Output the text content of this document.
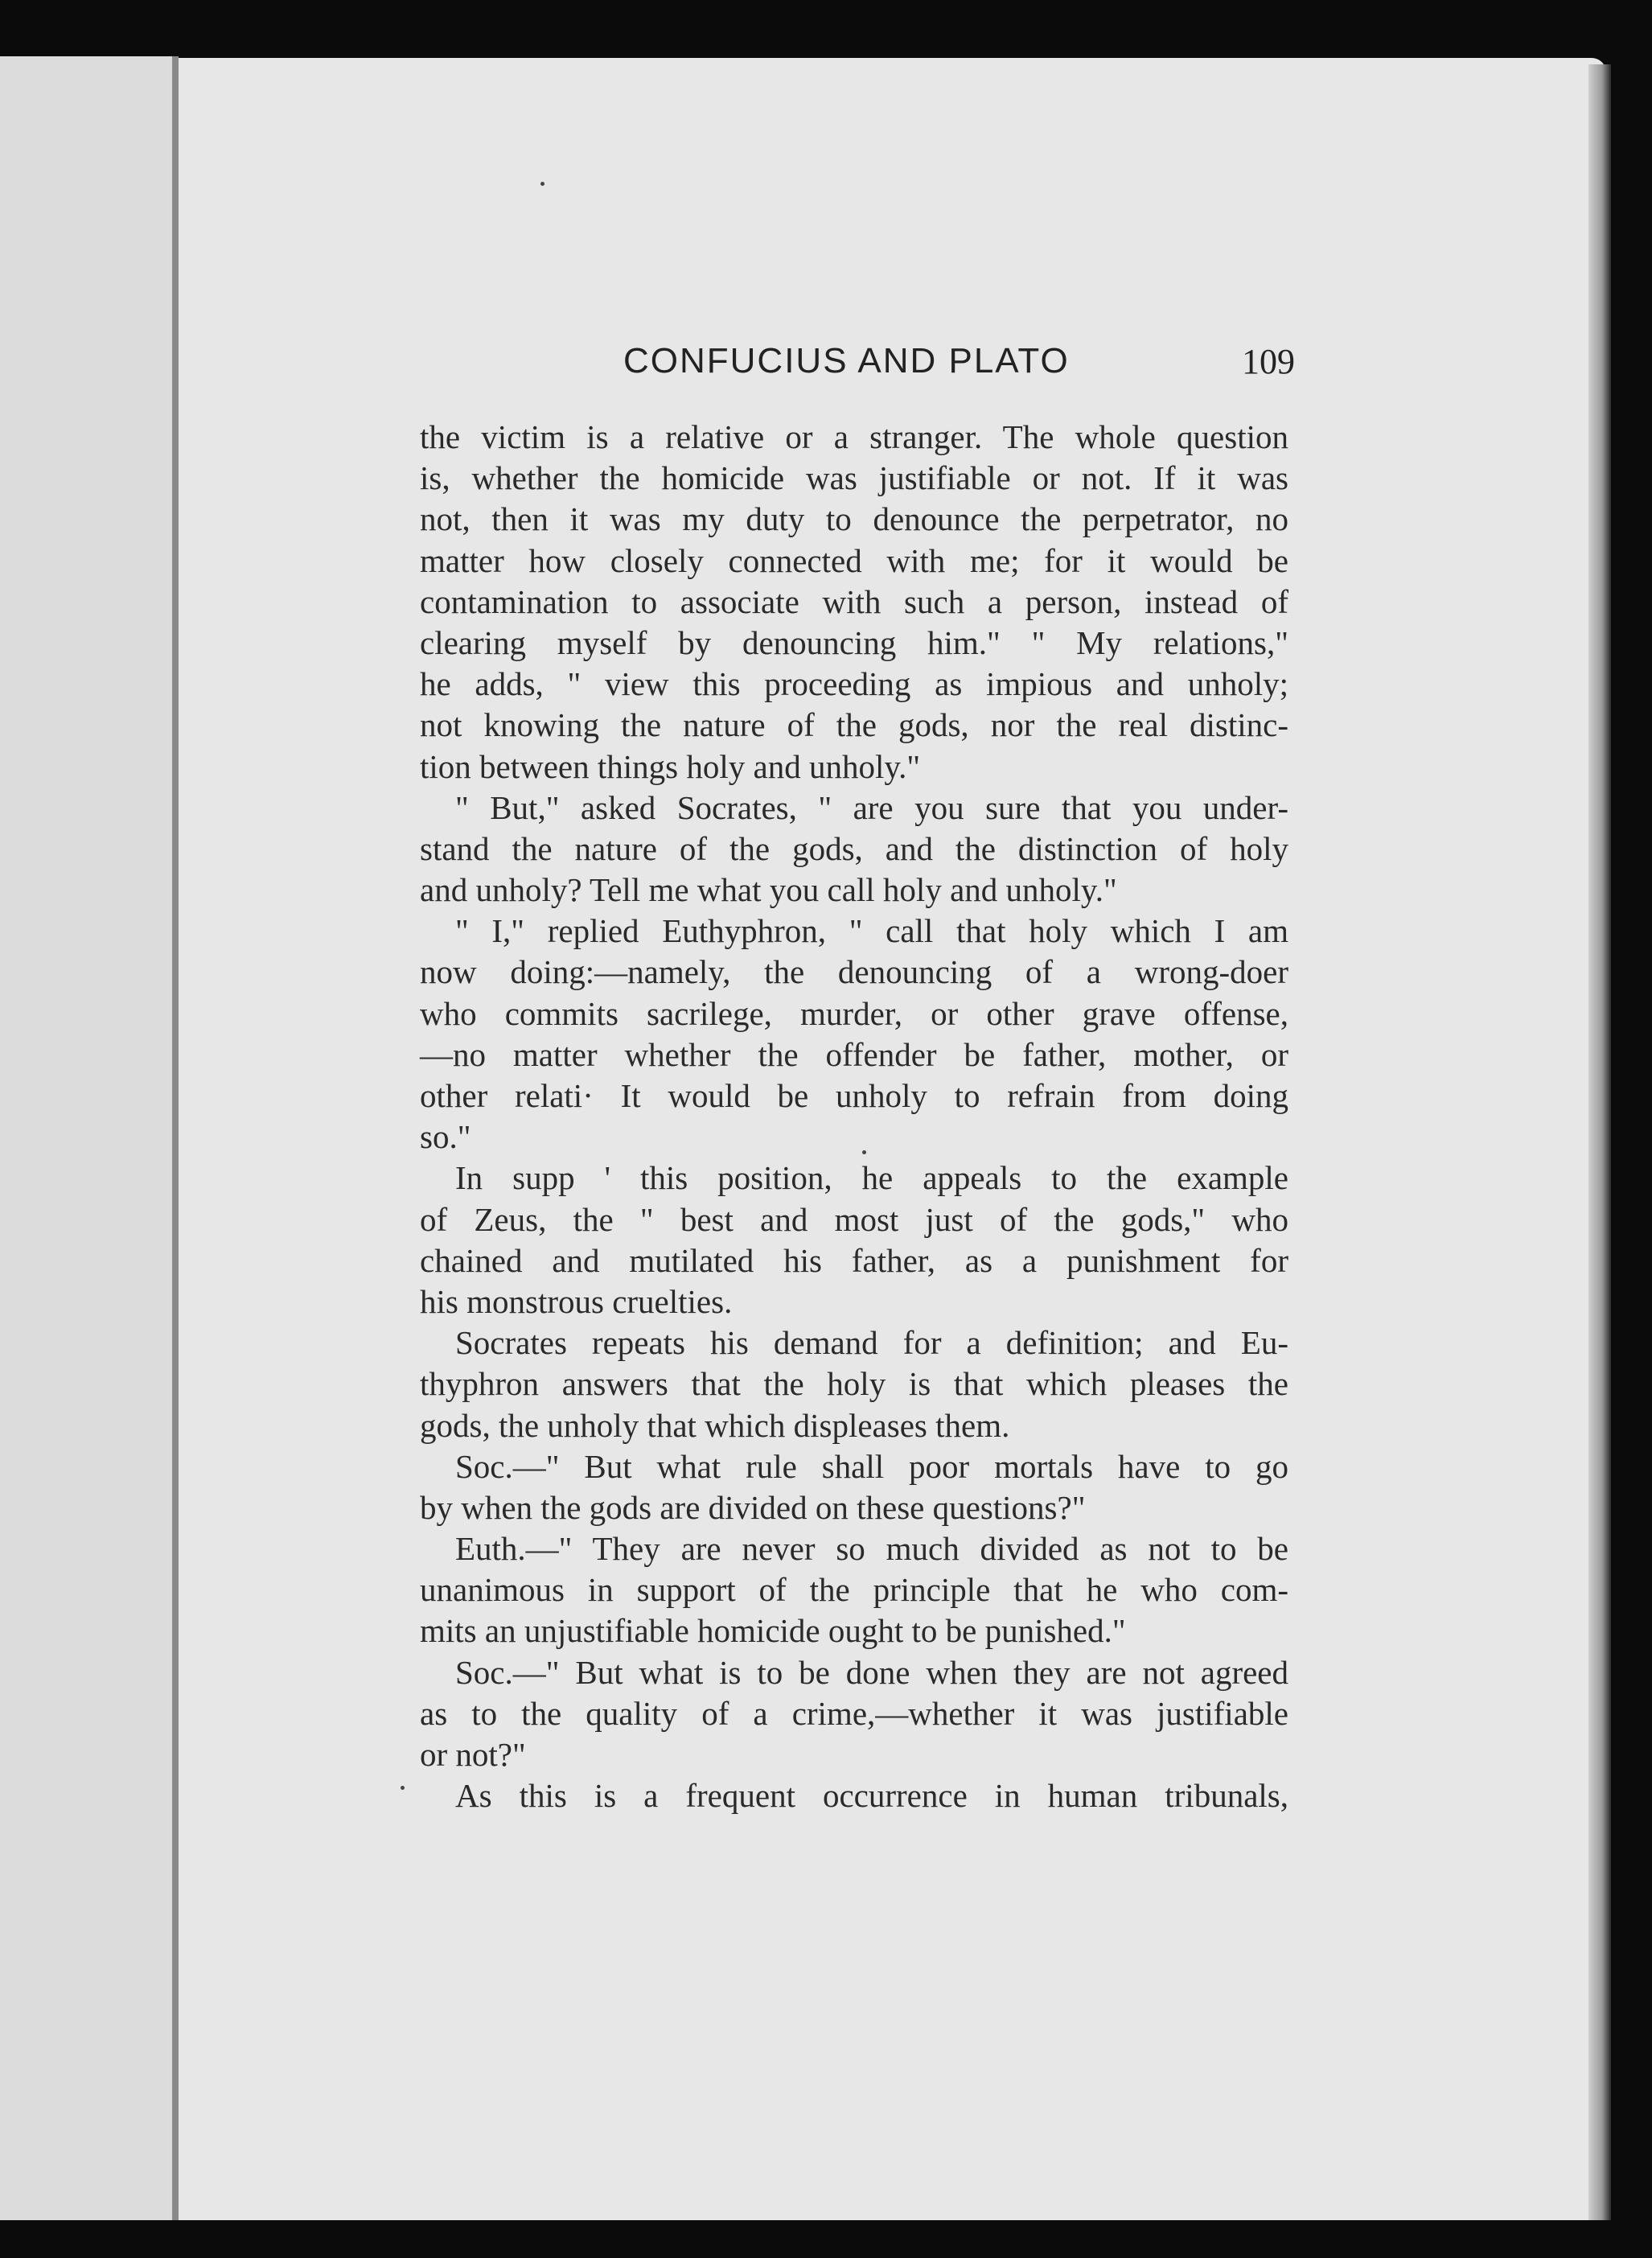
CONFUCIUS AND PLATO	109
the victim is a relative or a stranger. The whole question
is, whether the homicide was justifiable or not. If it was
not, then it was my duty to denounce the perpetrator, no
matter how closely connected with me; for it would be
contamination to associate with such a person, instead of
clearing myself by denouncing him." " My relations,"
he adds, " view this proceeding as impious and unholy;
not knowing the nature of the gods, nor the real distinc-
tion between things holy and unholy."
" But," asked Socrates, " are you sure that you under-
stand the nature of the gods, and the distinction of holy
and unholy? Tell me what you call holy and unholy."
" I," replied Euthyphron, " call that holy which I am
now doing:—namely, the denouncing of a wrong-doer
who commits sacrilege, murder, or other grave offense,
—no matter whether the offender be father, mother, or
other relati· It would be unholy to refrain from doing
so."
In supp ' this position, he appeals to the example
of Zeus, the " best and most just of the gods," who
chained and mutilated his father, as a punishment for
his monstrous cruelties.
Socrates repeats his demand for a definition; and Eu-
thyphron answers that the holy is that which pleases the
gods, the unholy that which displeases them.
Soc.—" But what rule shall poor mortals have to go
by when the gods are divided on these questions?"
Euth.—" They are never so much divided as not to be
unanimous in support of the principle that he who com-
mits an unjustifiable homicide ought to be punished."
Soc.—" But what is to be done when they are not agreed
as to the quality of a crime,—whether it was justifiable
or not?"
As this is a frequent occurrence in human tribunals,
